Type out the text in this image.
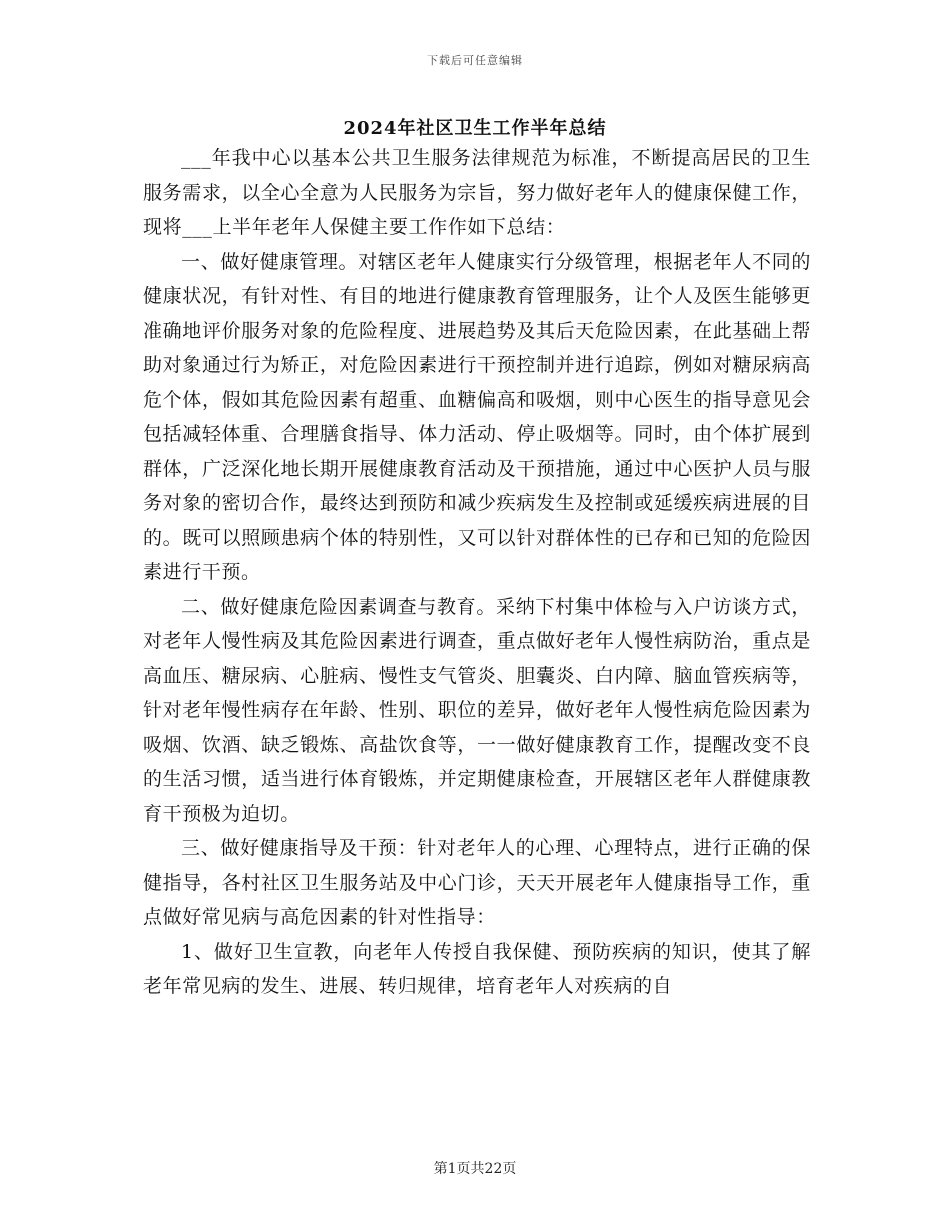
下载后可任意编辑
2024年社区卫生工作半年总结

___年我中心以基本公共卫生服务法律规范为标准，不断提高居民的卫生服务需求，以全心全意为人民服务为宗旨，努力做好老年人的健康保健工作，现将___上半年老年人保健主要工作作如下总结：

一、做好健康管理。对辖区老年人健康实行分级管理，根据老年人不同的健康状况，有针对性、有目的地进行健康教育管理服务，让个人及医生能够更准确地评价服务对象的危险程度、进展趋势及其后天危险因素，在此基础上帮助对象通过行为矫正，对危险因素进行干预控制并进行追踪，例如对糖尿病高危个体，假如其危险因素有超重、血糖偏高和吸烟，则中心医生的指导意见会包括减轻体重、合理膳食指导、体力活动、停止吸烟等。同时，由个体扩展到群体，广泛深化地长期开展健康教育活动及干预措施，通过中心医护人员与服务对象的密切合作，最终达到预防和减少疾病发生及控制或延缓疾病进展的目的。既可以照顾患病个体的特别性，又可以针对群体性的已存和已知的危险因素进行干预。

二、做好健康危险因素调查与教育。采纳下村集中体检与入户访谈方式，对老年人慢性病及其危险因素进行调查，重点做好老年人慢性病防治，重点是高血压、糖尿病、心脏病、慢性支气管炎、胆囊炎、白内障、脑血管疾病等，针对老年慢性病存在年龄、性别、职位的差异，做好老年人慢性病危险因素为吸烟、饮酒、缺乏锻炼、高盐饮食等，一一做好健康教育工作，提醒改变不良的生活习惯，适当进行体育锻炼，并定期健康检查，开展辖区老年人群健康教育干预极为迫切。

三、做好健康指导及干预：针对老年人的心理、心理特点，进行正确的保健指导，各村社区卫生服务站及中心门诊，天天开展老年人健康指导工作，重点做好常见病与高危因素的针对性指导：

1、做好卫生宣教，向老年人传授自我保健、预防疾病的知识，使其了解老年常见病的发生、进展、转归规律，培育老年人对疾病的自

第1页共22页
